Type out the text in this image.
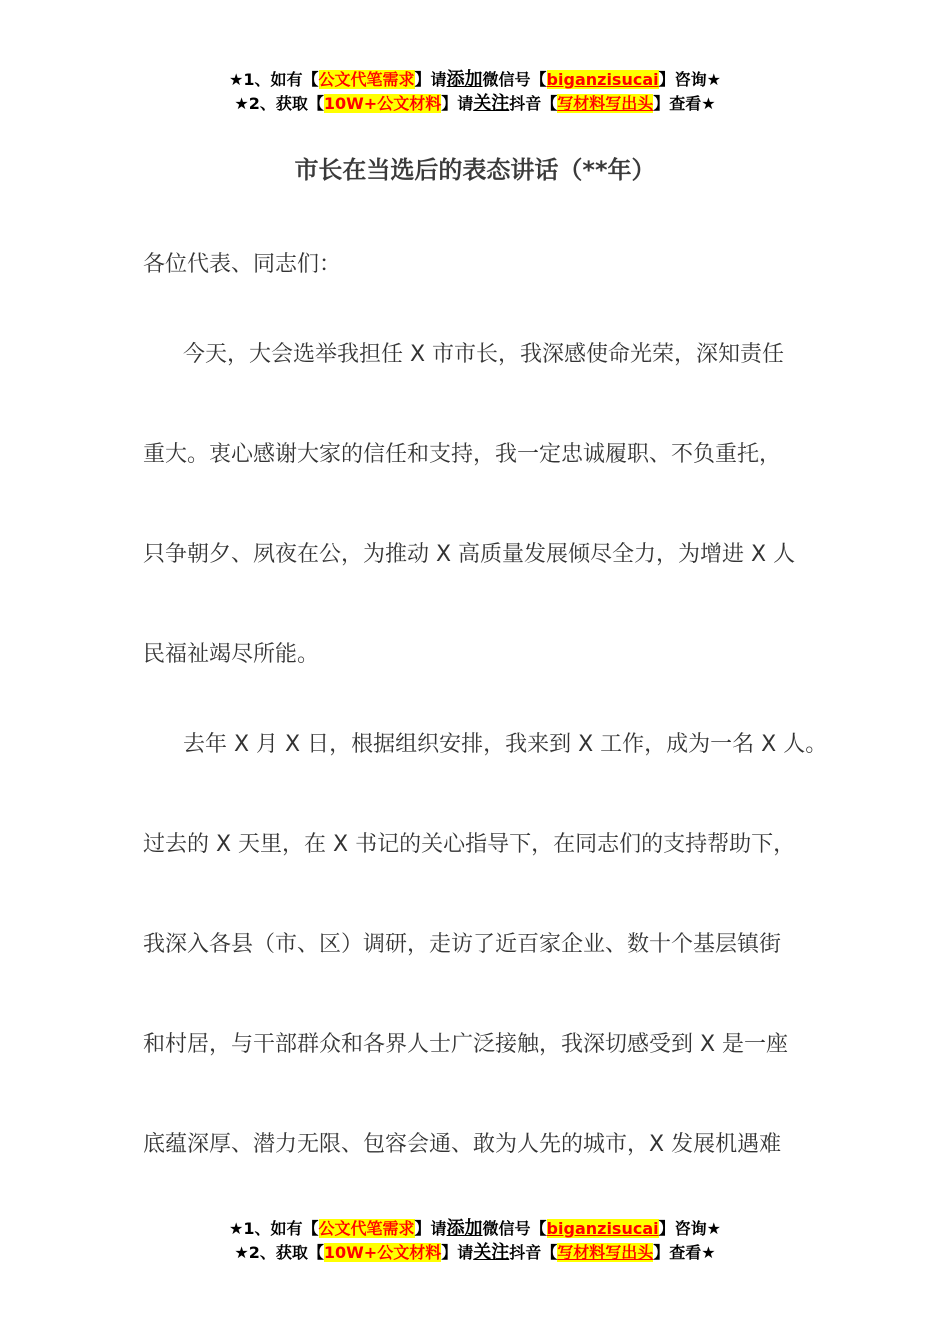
★1、如有【公文代笔需求】请添加微信号【biganzisucai】咨询★
★2、获取【10W+公文材料】请关注抖音【写材料写出头】查看★
市长在当选后的表态讲话（**年）
各位代表、同志们：
今天，大会选举我担任 X 市市长，我深感使命光荣，深知责任
重大。衷心感谢大家的信任和支持，我一定忠诚履职、不负重托，
只争朝夕、夙夜在公，为推动 X 高质量发展倾尽全力，为增进 X 人
民福祉竭尽所能。
去年 X 月 X 日，根据组织安排，我来到 X 工作，成为一名 X 人。
过去的 X 天里，在 X 书记的关心指导下，在同志们的支持帮助下，
我深入各县（市、区）调研，走访了近百家企业、数十个基层镇街
和村居，与干部群众和各界人士广泛接触，我深切感受到 X 是一座
底蕴深厚、潜力无限、包容会通、敢为人先的城市，X 发展机遇难
★1、如有【公文代笔需求】请添加微信号【biganzisucai】咨询★
★2、获取【10W+公文材料】请关注抖音【写材料写出头】查看★
